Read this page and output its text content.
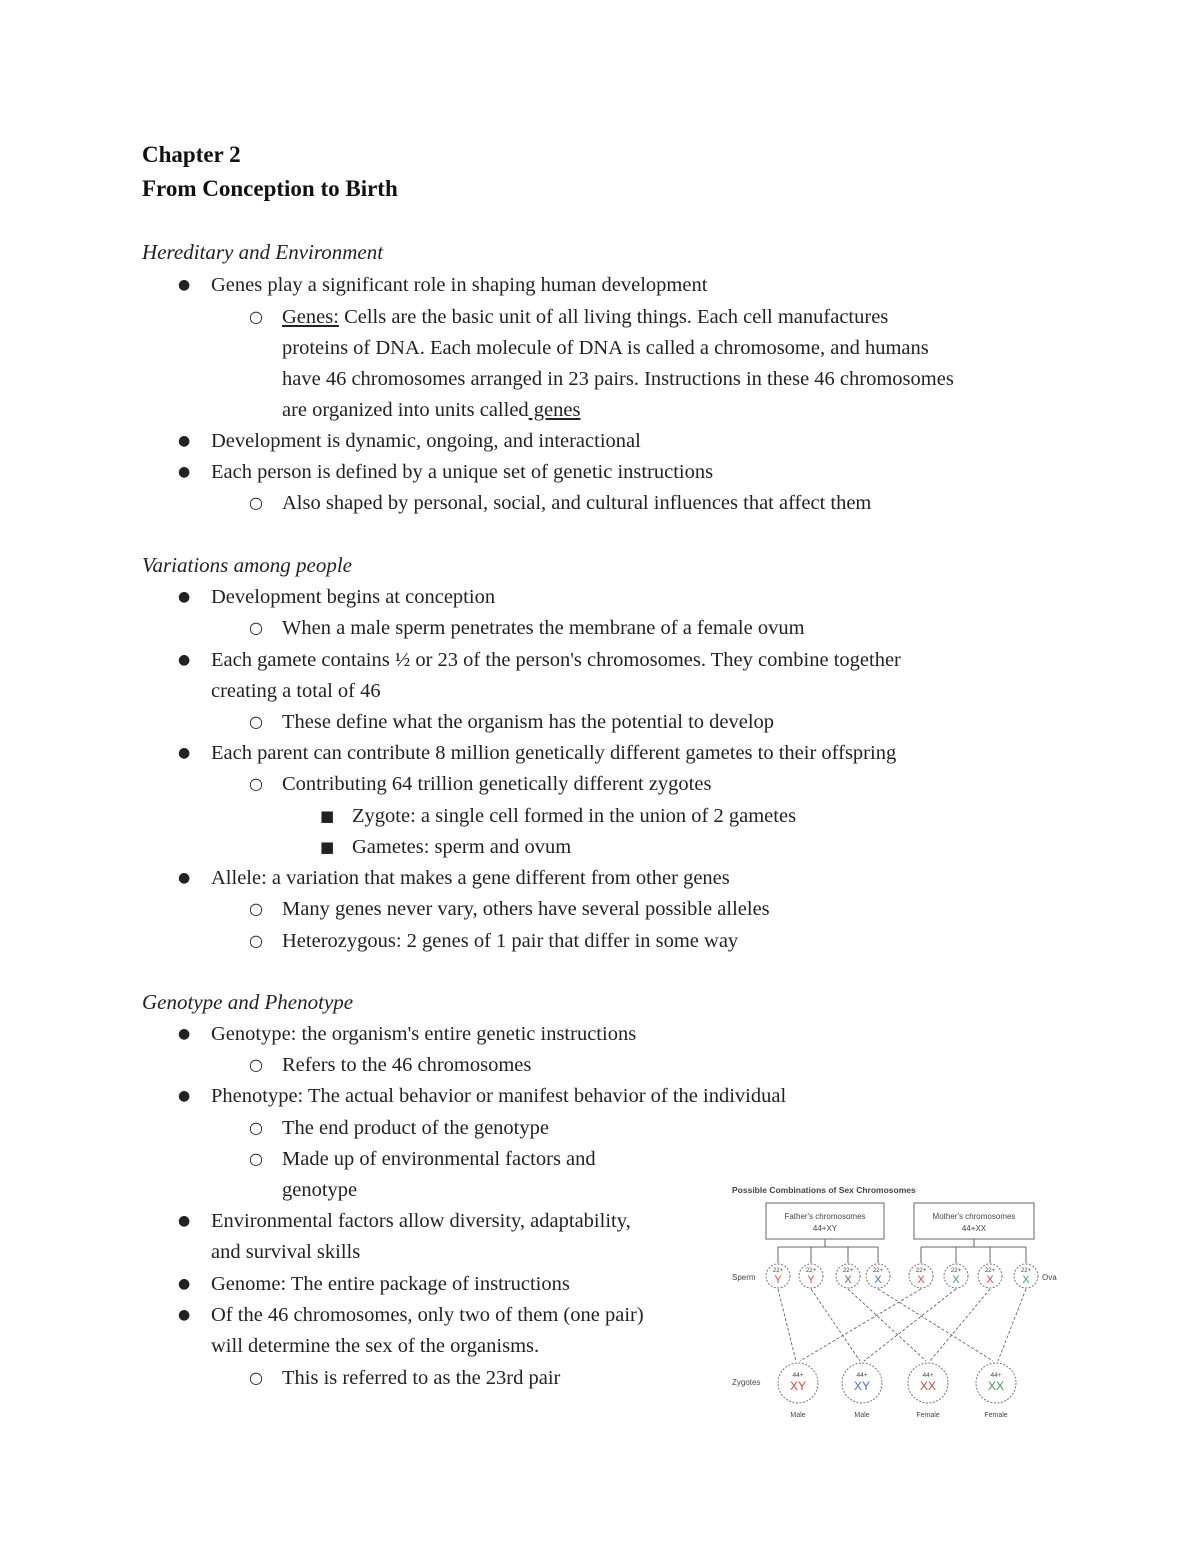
Chapter 2
From Conception to Birth
Hereditary and Environment
● Genes play a significant role in shaping human development
○ Genes: Cells are the basic unit of all living things. Each cell manufactures
proteins of DNA. Each molecule of DNA is called a chromosome, and humans
have 46 chromosomes arranged in 23 pairs. Instructions in these 46 chromosomes
are organized into units called genes
● Development is dynamic, ongoing, and interactional
● Each person is defined by a unique set of genetic instructions
○ Also shaped by personal, social, and cultural influences that affect them
Variations among people
● Development begins at conception
○ When a male sperm penetrates the membrane of a female ovum
● Each gamete contains ½ or 23 of the person's chromosomes. They combine together
creating a total of 46
○ These define what the organism has the potential to develop
● Each parent can contribute 8 million genetically different gametes to their offspring
○ Contributing 64 trillion genetically different zygotes
■ Zygote: a single cell formed in the union of 2 gametes
■ Gametes: sperm and ovum
● Allele: a variation that makes a gene different from other genes
○ Many genes never vary, others have several possible alleles
○ Heterozygous: 2 genes of 1 pair that differ in some way
Genotype and Phenotype
● Genotype: the organism's entire genetic instructions
○ Refers to the 46 chromosomes
● Phenotype: The actual behavior or manifest behavior of the individual
○ The end product of the genotype
○ Made up of environmental factors and
genotype
● Environmental factors allow diversity, adaptability,
and survival skills
● Genome: The entire package of instructions
● Of the 46 chromosomes, only two of them (one pair)
will determine the sex of the organisms.
○ This is referred to as the 23rd pair
Possible Combinations of Sex Chromosomes
Father's chromosomes
44+XY
Mother's chromosomes
44+XX
Sperm	Ova
Zygotes
22+
Y
22+
Y
22+
X
22+
X
22+
X
22+
X
22+
X
22+
X
44+
XY
Male
44+
XY
Male
44+
XX
Female
44+
XX
Female
